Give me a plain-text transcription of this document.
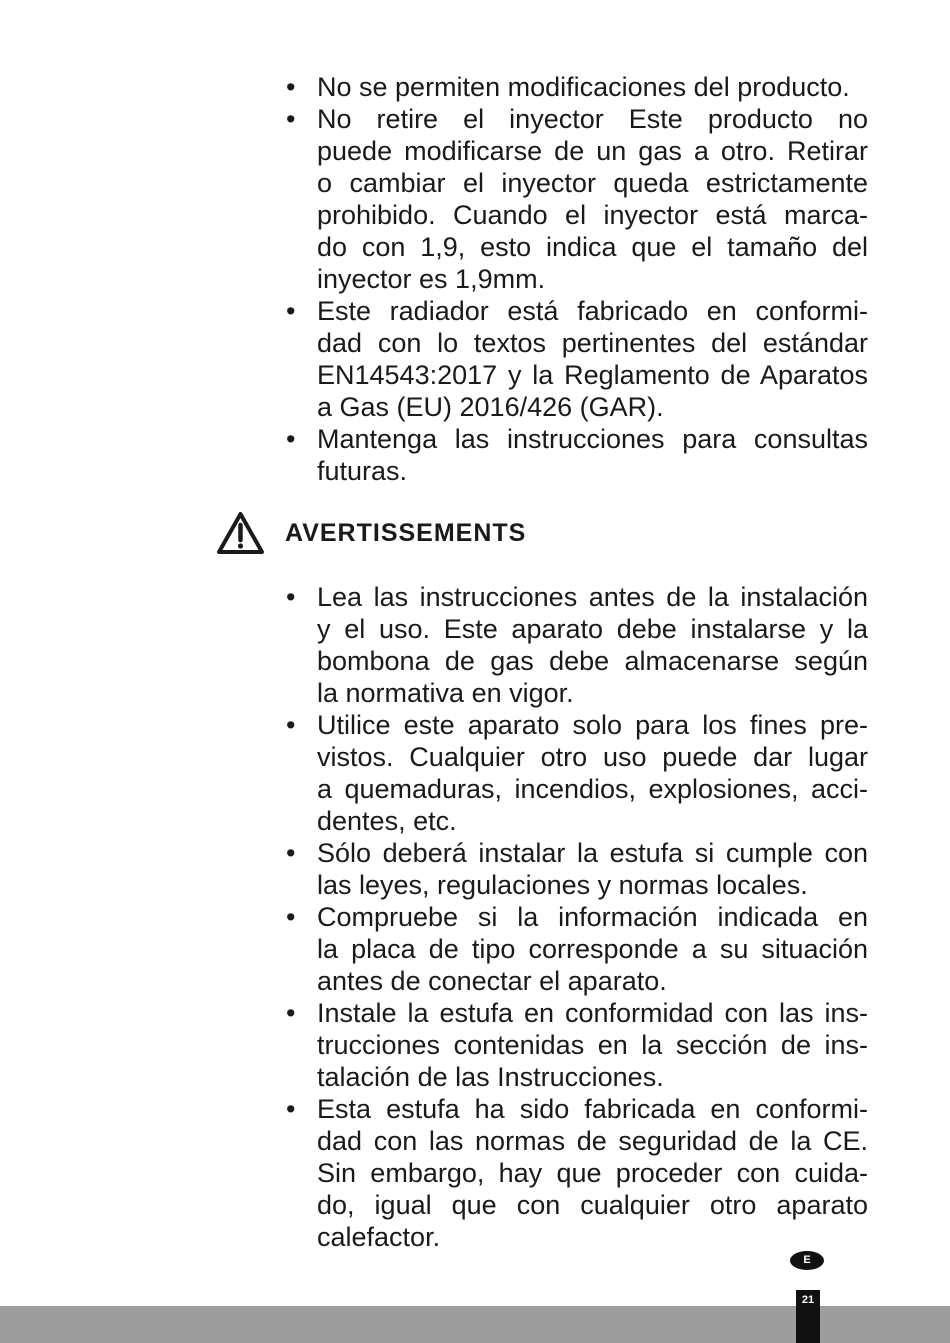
• No se permiten modificaciones del producto.
• No retire el inyector Este producto no
puede modificarse de un gas a otro. Retirar
o cambiar el inyector queda estrictamente
prohibido. Cuando el inyector está marca-
do con 1,9, esto indica que el tamaño del
inyector es 1,9mm.
• Este radiador está fabricado en conformi-
dad con lo textos pertinentes del estándar
EN14543:2017 y la Reglamento de Aparatos
a Gas (EU) 2016/426 (GAR).
• Mantenga las instrucciones para consultas
futuras.
AVERTISSEMENTS
• Lea las instrucciones antes de la instalación
y el uso. Este aparato debe instalarse y la
bombona de gas debe almacenarse según
la normativa en vigor.
• Utilice este aparato solo para los fines pre-
vistos. Cualquier otro uso puede dar lugar
a quemaduras, incendios, explosiones, acci-
dentes, etc.
• Sólo deberá instalar la estufa si cumple con
las leyes, regulaciones y normas locales.
• Compruebe si la información indicada en
la placa de tipo corresponde a su situación
antes de conectar el aparato.
• Instale la estufa en conformidad con las ins-
trucciones contenidas en la sección de ins-
talación de las Instrucciones.
• Esta estufa ha sido fabricada en conformi-
dad con las normas de seguridad de la CE.
Sin embargo, hay que proceder con cuida-
do, igual que con cualquier otro aparato
calefactor.
E
21
